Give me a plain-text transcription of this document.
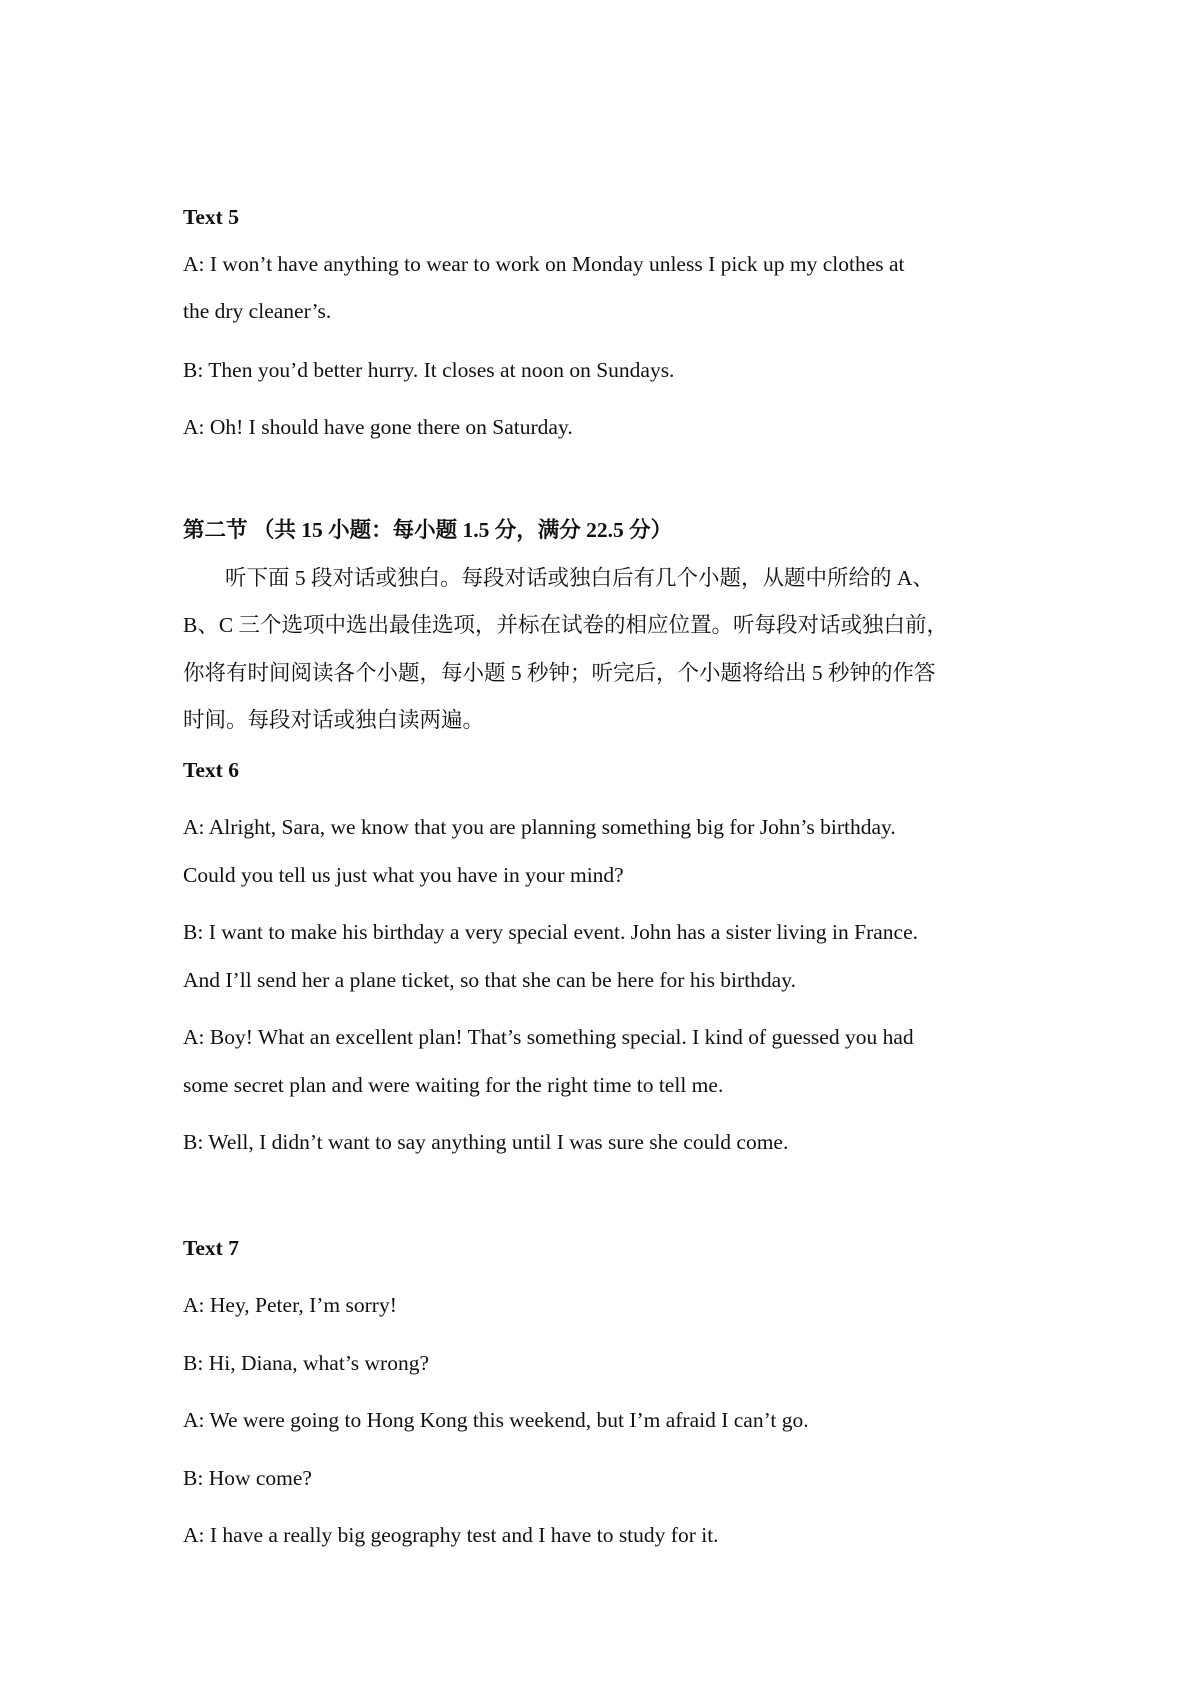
Text 5
A: I won’t have anything to wear to work on Monday unless I pick up my clothes at
the dry cleaner’s.
B: Then you’d better hurry. It closes at noon on Sundays.
A: Oh! I should have gone there on Saturday.
第二节 （共 15 小题：每小题 1.5 分，满分 22.5 分）
听下面 5 段对话或独白。每段对话或独白后有几个小题，从题中所给的 A、
B、C 三个选项中选出最佳选项，并标在试卷的相应位置。听每段对话或独白前，
你将有时间阅读各个小题，每小题 5 秒钟；听完后，个小题将给出 5 秒钟的作答
时间。每段对话或独白读两遍。
Text 6
A: Alright, Sara, we know that you are planning something big for John’s birthday.
Could you tell us just what you have in your mind?
B: I want to make his birthday a very special event. John has a sister living in France.
And I’ll send her a plane ticket, so that she can be here for his birthday.
A: Boy! What an excellent plan! That’s something special. I kind of guessed you had
some secret plan and were waiting for the right time to tell me.
B: Well, I didn’t want to say anything until I was sure she could come.
Text 7
A: Hey, Peter, I’m sorry!
B: Hi, Diana, what’s wrong?
A: We were going to Hong Kong this weekend, but I’m afraid I can’t go.
B: How come?
A: I have a really big geography test and I have to study for it.
